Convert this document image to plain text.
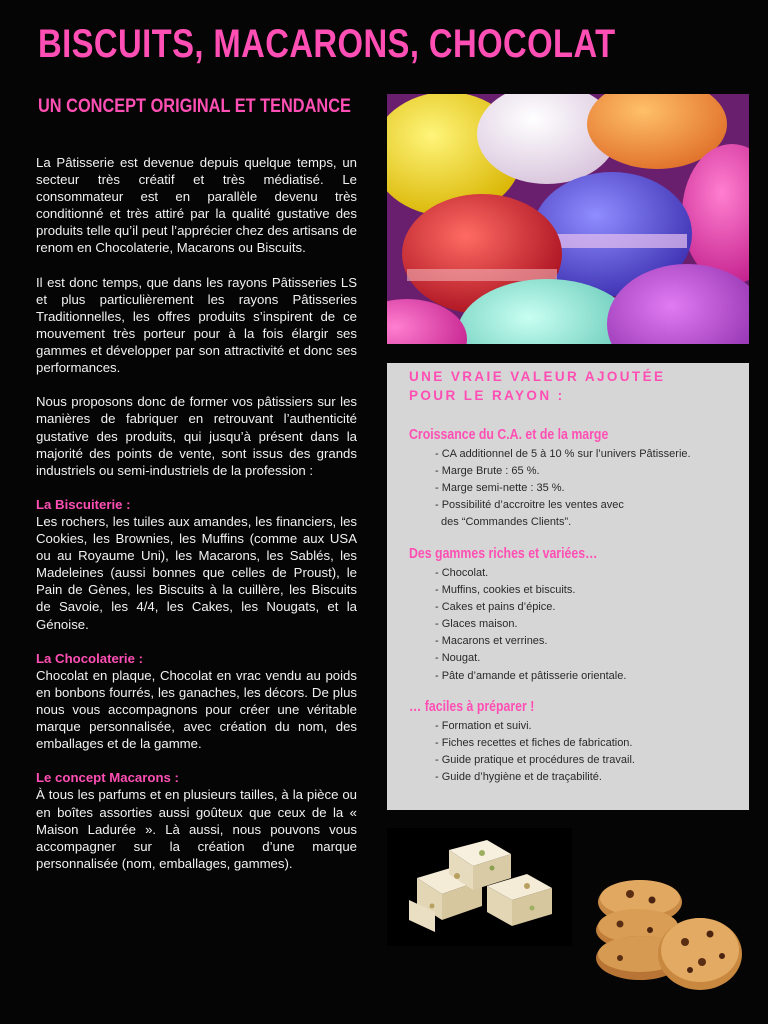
BISCUITS, MACARONS, CHOCOLAT
UN CONCEPT ORIGINAL ET TENDANCE

La Pâtisserie est devenue depuis quelque temps, un secteur très créatif et très médiatisé. Le consommateur est en parallèle devenu très conditionné et très attiré par la qualité gustative des produits telle qu’il peut l’apprécier chez des artisans de renom en Chocolaterie, Macarons ou Biscuits.

Il est donc temps, que dans les rayons Pâtisseries LS et plus particulièrement les rayons Pâtisseries Traditionnelles, les offres produits s’inspirent de ce mouvement très porteur pour à la fois élargir ses gammes et développer par son attractivité et donc ses performances.

Nous proposons donc de former vos pâtissiers sur les manières de fabriquer en retrouvant l’authenticité gustative des produits, qui jusqu’à présent dans la majorité des points de vente, sont issus des grands industriels ou semi-industriels de la profession :

La Biscuiterie :
Les rochers, les tuiles aux amandes, les financiers, les Cookies, les Brownies, les Muffins (comme aux USA ou au Royaume Uni), les Macarons, les Sablés, les Madeleines (aussi bonnes que celles de Proust), le Pain de Gènes, les Biscuits à la cuillère, les Biscuits de Savoie, les 4/4, les Cakes, les Nougats, et la Génoise.

La Chocolaterie :
Chocolat en plaque, Chocolat en vrac vendu au poids en bonbons fourrés, les ganaches, les décors. De plus nous vous accompagnons pour créer une véritable marque personnalisée, avec création du nom, des emballages et de la gamme.

Le concept Macarons :
À tous les parfums et en plusieurs tailles, à la pièce ou en boîtes assorties aussi goûteux que ceux de la « Maison Ladurée ». Là aussi, nous pouvons vous accompagner sur la création d’une marque personnalisée (nom, emballages, gammes).

UNE VRAIE VALEUR AJOUTÉE
POUR LE RAYON :
Croissance du C.A. et de la marge
- CA additionnel de 5 à 10 % sur l’univers Pâtisserie.
- Marge Brute : 65 %.
- Marge semi-nette : 35 %.
- Possibilité d’accroitre les ventes avec
des “Commandes Clients”.
Des gammes riches et variées…
- Chocolat.
- Muffins, cookies et biscuits.
- Cakes et pains d’épice.
- Glaces maison.
- Macarons et verrines.
- Nougat.
- Pâte d’amande et pâtisserie orientale.
… faciles à préparer !
- Formation et suivi.
- Fiches recettes et fiches de fabrication.
- Guide pratique et procédures de travail.
- Guide d’hygiène et de traçabilité.
